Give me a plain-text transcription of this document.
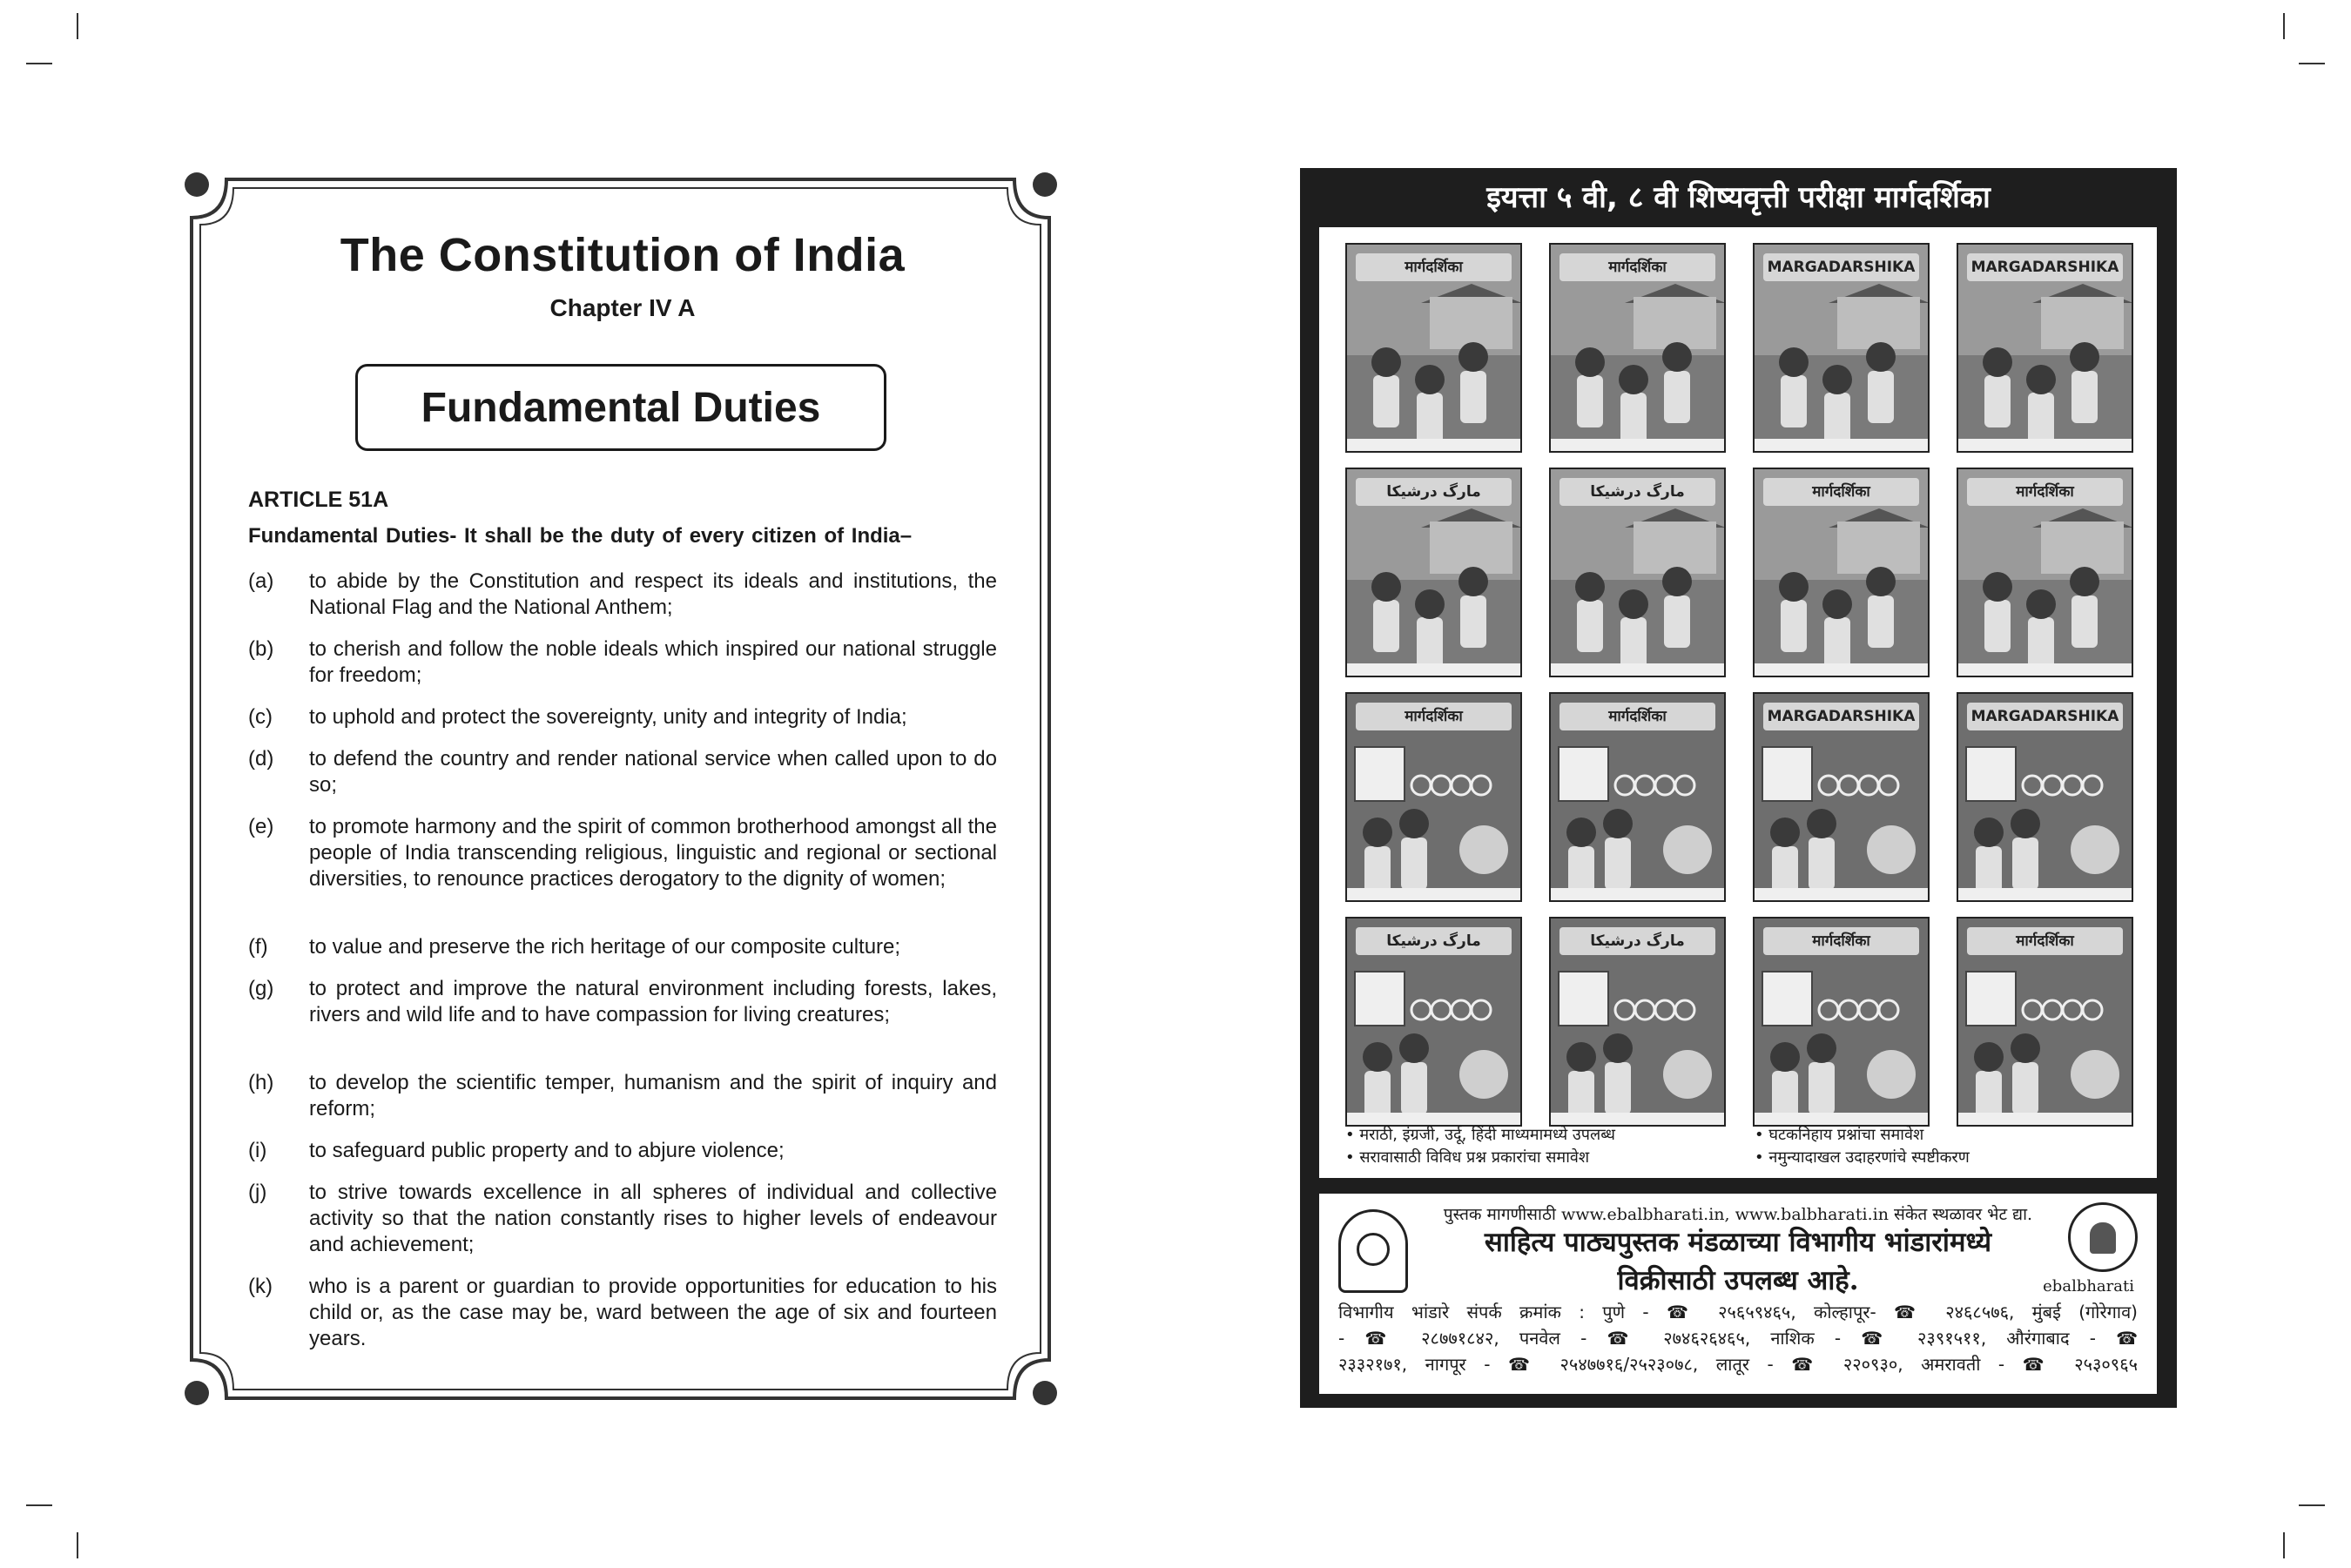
The Constitution of India
Chapter IV A
Fundamental Duties
ARTICLE 51A
Fundamental Duties- It shall be the duty of every citizen of India–
(a) to abide by the Constitution and respect its ideals and institutions, the National Flag and the National Anthem;
(b) to cherish and follow the noble ideals which inspired our national struggle for freedom;
(c) to uphold and protect the sovereignty, unity and integrity of India;
(d) to defend the country and render national service when called upon to do so;
(e) to promote harmony and the spirit of common brotherhood amongst all the people of India transcending religious, linguistic and regional or sectional diversities, to renounce practices derogatory to the dignity of women;
(f) to value and preserve the rich heritage of our composite culture;
(g) to protect and improve the natural environment including forests, lakes, rivers and wild life and to have compassion for living creatures;
(h) to develop the scientific temper, humanism and the spirit of inquiry and reform;
(i) to safeguard public property and to abjure violence;
(j) to strive towards excellence in all spheres of individual and collective activity so that the nation constantly rises to higher levels of endeavour and achievement;
(k) who is a parent or guardian to provide opportunities for education to his child or, as the case may be, ward between the age of six and fourteen years.
इयत्ता ५ वी, ८ वी शिष्यवृत्ती परीक्षा मार्गदर्शिका
मार्गदर्शिका	मार्गदर्शिका	MARGADARSHIKA	MARGADARSHIKA
مارگ درشیکا	مارگ درشیکا	मार्गदर्शिका	मार्गदर्शिका
मार्गदर्शिका	मार्गदर्शिका	MARGADARSHIKA	MARGADARSHIKA
مارگ درشیکا	مارگ درشیکا	मार्गदर्शिका	मार्गदर्शिका
• मराठी, इंग्रजी, उर्दू, हिंदी माध्यमामध्ये उपलब्ध
• सरावासाठी विविध प्रश्न प्रकारांचा समावेश
• घटकनिहाय प्रश्नांचा समावेश
• नमुन्यादाखल उदाहरणांचे स्पष्टीकरण
ebalbharati
पुस्तक मागणीसाठी www.ebalbharati.in, www.balbharati.in संकेत स्थळावर भेट द्या.
साहित्य पाठ्यपुस्तक मंडळाच्या विभागीय भांडारांमध्ये
विक्रीसाठी उपलब्ध आहे.
विभागीय भांडारे संपर्क क्रमांक : पुणे - ☎ २५६५९४६५, कोल्हापूर- ☎ २४६८५७६, मुंबई (गोरेगाव)
- ☎ २८७७१८४२, पनवेल - ☎ २७४६२६४६५, नाशिक - ☎ २३९१५११, औरंगाबाद - ☎
२३३२१७१, नागपूर - ☎ २५४७७१६/२५२३०७८, लातूर - ☎ २२०९३०, अमरावती - ☎ २५३०९६५
